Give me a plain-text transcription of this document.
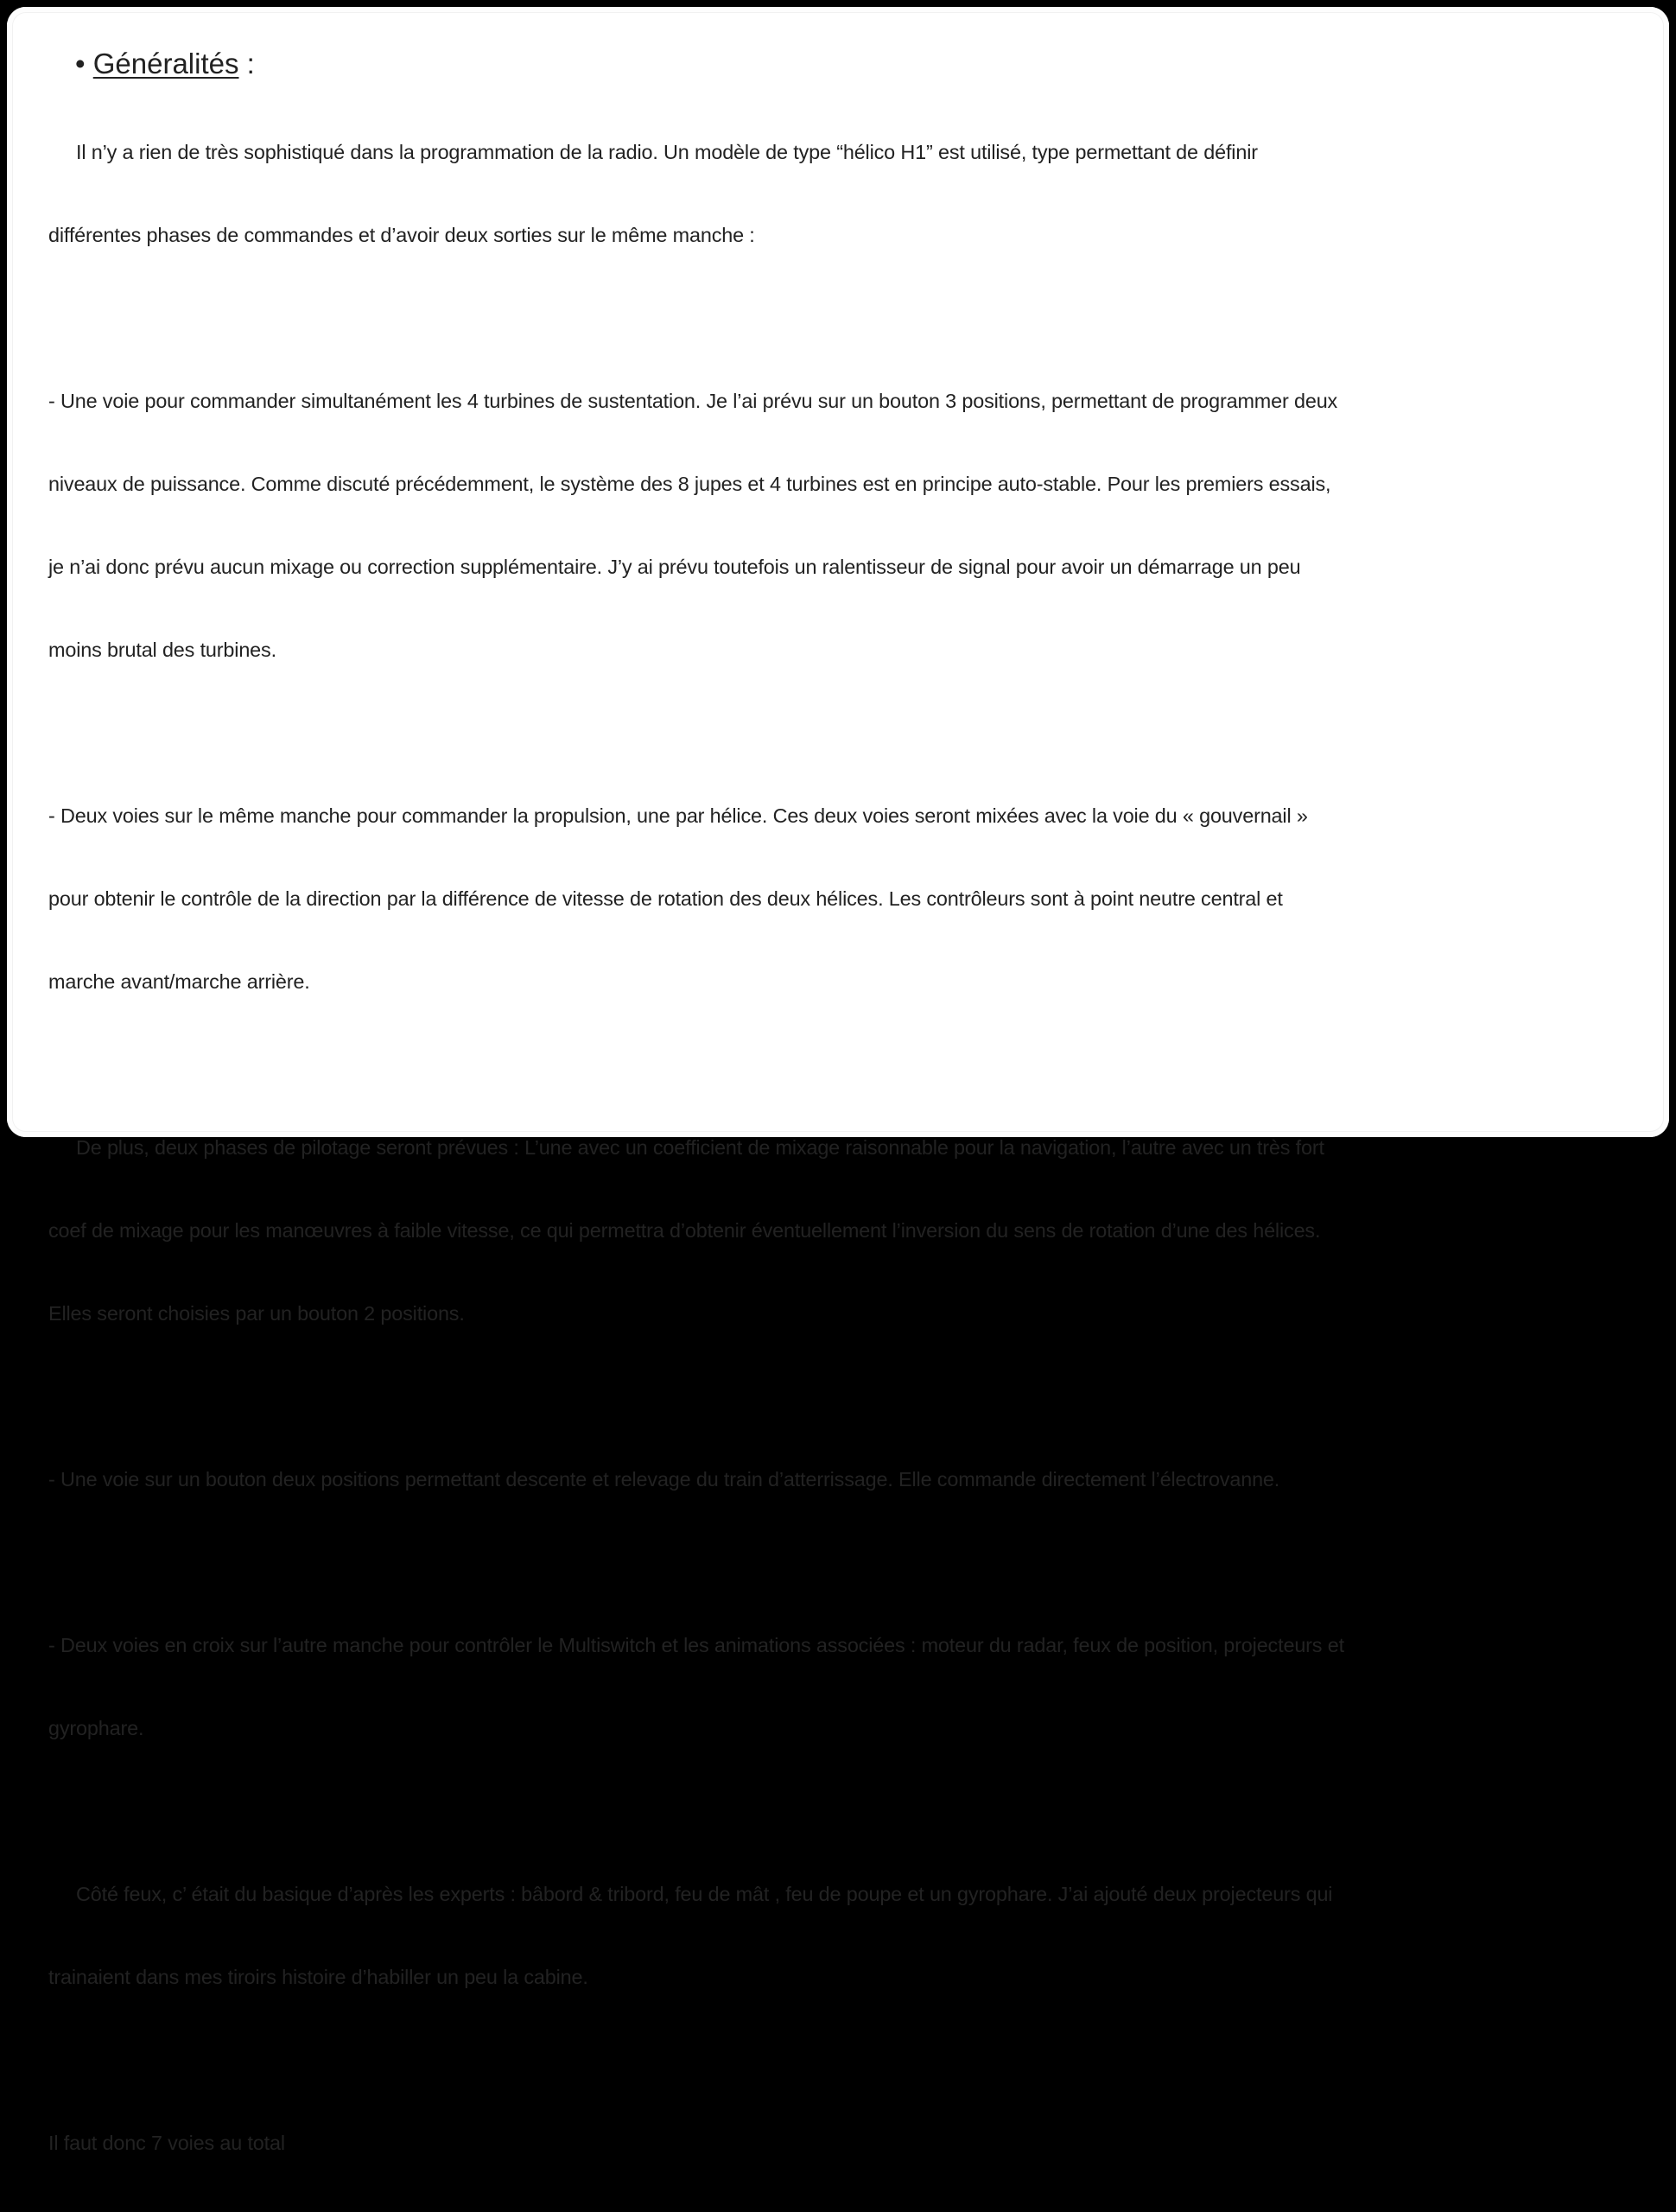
• Généralités :

Il n’y a rien de très sophistiqué dans la programmation de la radio. Un modèle de type “hélico H1” est utilisé, type permettant de définir

différentes phases de commandes et d’avoir deux sorties sur le même manche :

- Une voie pour commander simultanément les 4 turbines de sustentation. Je l’ai prévu sur un bouton 3 positions, permettant de programmer deux

niveaux de puissance. Comme discuté précédemment, le système des 8 jupes et 4 turbines est en principe auto-stable. Pour les premiers essais,

je n’ai donc prévu aucun mixage ou correction supplémentaire. J’y ai prévu toutefois un ralentisseur de signal pour avoir un démarrage un peu

moins brutal des turbines.

- Deux voies sur le même manche pour commander la propulsion, une par hélice. Ces deux voies seront mixées avec la voie du « gouvernail »

pour obtenir le contrôle de la direction par la différence de vitesse de rotation des deux hélices. Les contrôleurs sont à point neutre central et

marche avant/marche arrière.

De plus, deux phases de pilotage seront prévues : L’une avec un coefficient de mixage raisonnable pour la navigation, l’autre avec un très fort

coef de mixage pour les manœuvres à faible vitesse, ce qui permettra d’obtenir éventuellement l’inversion du sens de rotation d’une des hélices.

Elles seront choisies par un bouton 2 positions.

- Une voie sur un bouton deux positions permettant descente et relevage du train d’atterrissage. Elle commande directement l’électrovanne.

- Deux voies en croix sur l’autre manche pour contrôler le Multiswitch et les animations associées : moteur du radar, feux de position, projecteurs et

gyrophare.

Côté feux, c’ était du basique d’après les experts : bâbord & tribord, feu de mât , feu de poupe et un gyrophare. J’ai ajouté deux projecteurs qui

trainaient dans mes tiroirs histoire d’habiller un peu la cabine.

Il faut donc 7 voies au total
